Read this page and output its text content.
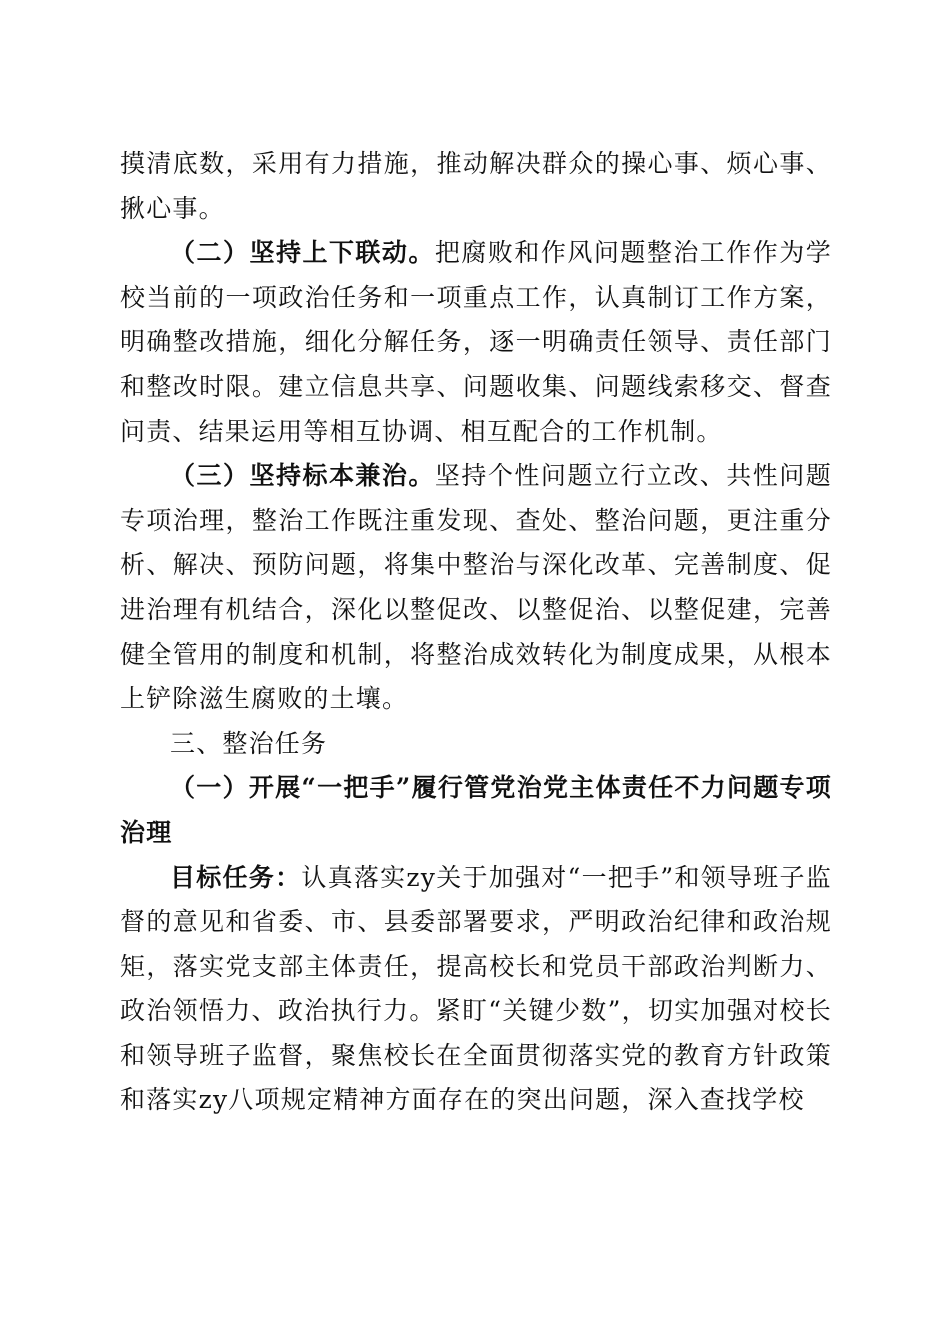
摸清底数，采用有力措施，推动解决群众的操心事、烦心事、揪心事。

（二）坚持上下联动。把腐败和作风问题整治工作作为学校当前的一项政治任务和一项重点工作，认真制订工作方案，明确整改措施，细化分解任务，逐一明确责任领导、责任部门和整改时限。建立信息共享、问题收集、问题线索移交、督查问责、结果运用等相互协调、相互配合的工作机制。

（三）坚持标本兼治。坚持个性问题立行立改、共性问题专项治理，整治工作既注重发现、查处、整治问题，更注重分析、解决、预防问题，将集中整治与深化改革、完善制度、促进治理有机结合，深化以整促改、以整促治、以整促建，完善健全管用的制度和机制，将整治成效转化为制度成果，从根本上铲除滋生腐败的土壤。

三、整治任务

（一）开展“一把手”履行管党治党主体责任不力问题专项治理

目标任务：认真落实zy关于加强对“一把手”和领导班子监督的意见和省委、市、县委部署要求，严明政治纪律和政治规矩，落实党支部主体责任，提高校长和党员干部政治判断力、政治领悟力、政治执行力。紧盯“关键少数”，切实加强对校长和领导班子监督，聚焦校长在全面贯彻落实党的教育方针政策和落实zy八项规定精神方面存在的突出问题，深入查找学校
